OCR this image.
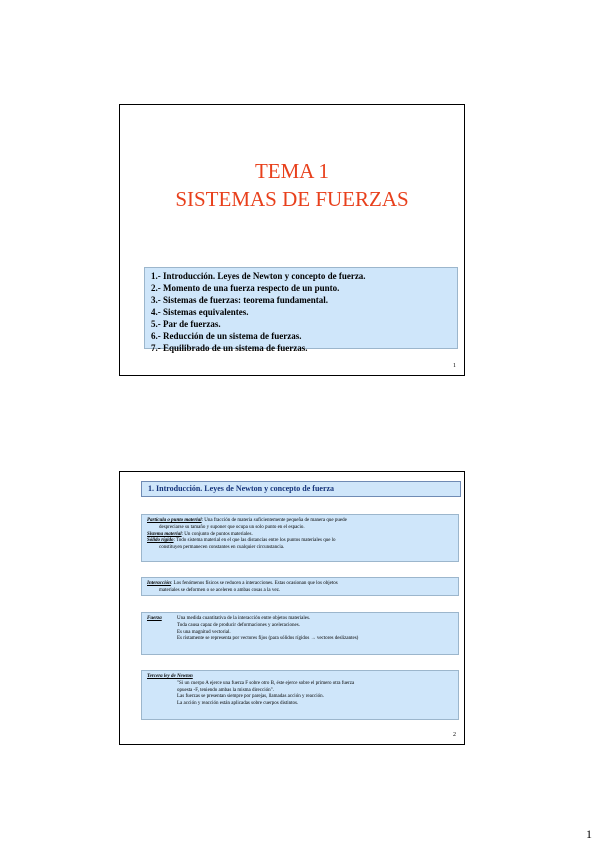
TEMA 1
SISTEMAS DE FUERZAS
1.- Introducción. Leyes de Newton y concepto de fuerza.
2.- Momento de una fuerza respecto de un punto.
3.- Sistemas de fuerzas: teorema fundamental.
4.- Sistemas equivalentes.
5.- Par de fuerzas.
6.- Reducción de un sistema de fuerzas.
7.- Equilibrado de un sistema de fuerzas.
1
1. Introducción. Leyes de Newton y concepto de fuerza
Partícula o punto material: Una fracción de materia suficientemente pequeña de manera que puede
despreciarse su tamaño y suponer que ocupa un solo punto en el espacio.
Sistema material: Un conjunto de puntos materiales.
Sólido rígido: Todo sistema material en el que las distancias entre los puntos materiales que lo
constituyen permanecen constantes en cualquier circunstancia.
Interacción: Los fenómenos físicos se reducen a interacciones. Estas ocasionan que los objetos
materiales se deformen o se aceleren o ambas cosas a la vez.
Fuerza	Una medida cuantitativa de la interacción entre objetos materiales.
Toda causa capaz de producir deformaciones y aceleraciones.
Es una magnitud vectorial.
Es ristamente se representa por vectores fijos (para sólidos rígidos → vectores deslizantes)
Tercera ley de Newton
"Si un cuerpo A ejerce una fuerza F sobre otro B, éste ejerce sobre el primero otra fuerza
opuesta -F, teniendo ambas la misma dirección".
Las fuerzas se presentan siempre por parejas, llamadas acción y reacción.
La acción y reacción están aplicadas sobre cuerpos distintos.
2
1
